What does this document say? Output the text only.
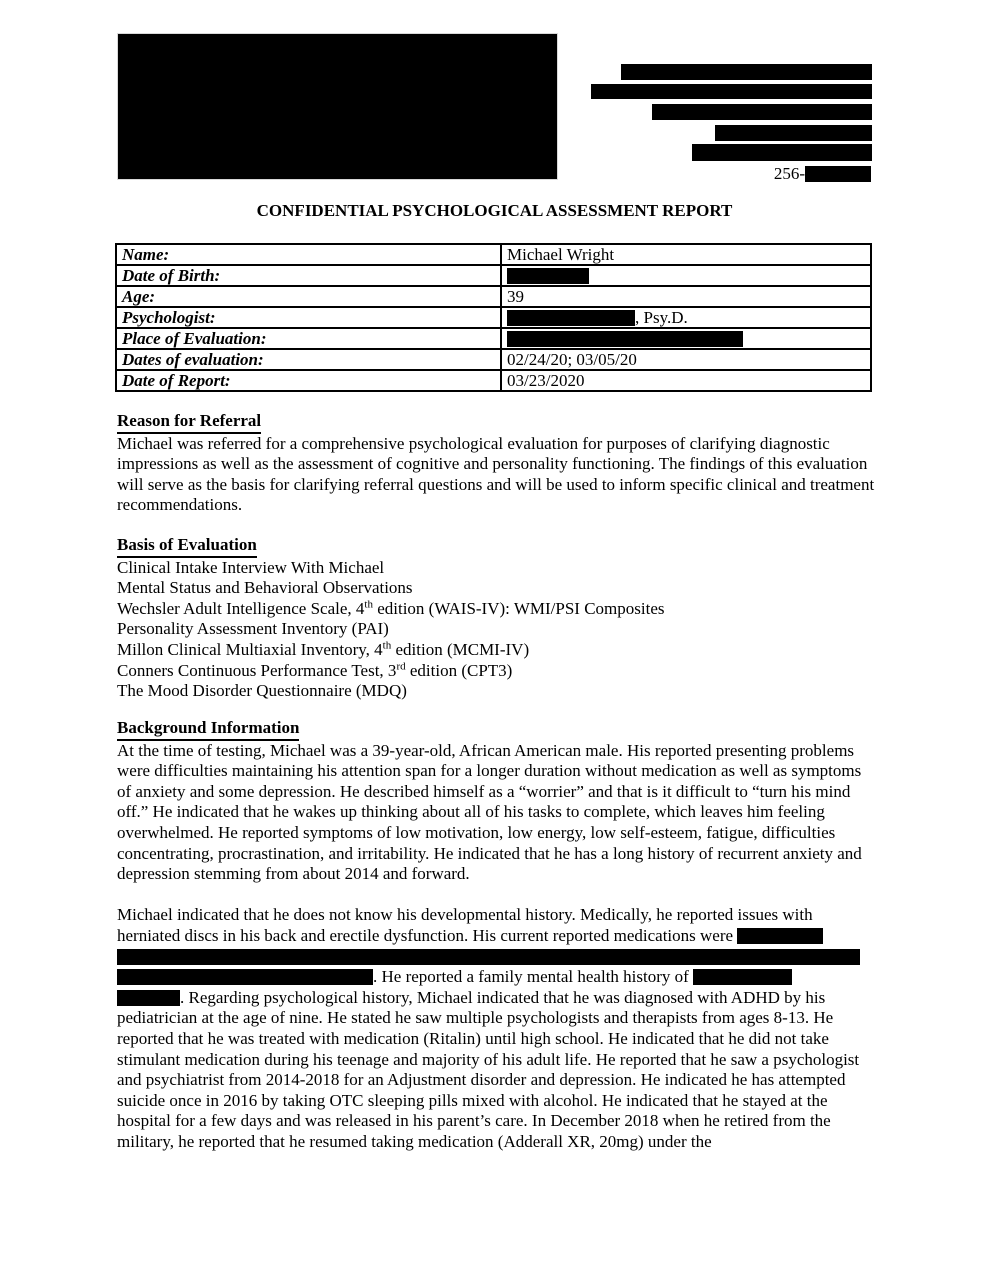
256-
CONFIDENTIAL PSYCHOLOGICAL ASSESSMENT REPORT
Name:	Michael Wright
Date of Birth:	
Age:	39
Psychologist:	, Psy.D.
Place of Evaluation:	
Dates of evaluation:	02/24/20; 03/05/20
Date of Report:	03/23/2020
Reason for Referral
Michael was referred for a comprehensive psychological evaluation for purposes of clarifying diagnostic impressions as well as the assessment of cognitive and personality functioning. The findings of this evaluation will serve as the basis for clarifying referral questions and will be used to inform specific clinical and treatment recommendations.
Basis of Evaluation
Clinical Intake Interview With Michael
Mental Status and Behavioral Observations
Wechsler Adult Intelligence Scale, 4th edition (WAIS-IV): WMI/PSI Composites
Personality Assessment Inventory (PAI)
Millon Clinical Multiaxial Inventory, 4th edition (MCMI-IV)
Conners Continuous Performance Test, 3rd edition (CPT3)
The Mood Disorder Questionnaire (MDQ)
Background Information
At the time of testing, Michael was a 39-year-old, African American male. His reported presenting problems were difficulties maintaining his attention span for a longer duration without medication as well as symptoms of anxiety and some depression. He described himself as a “worrier” and that is it difficult to “turn his mind off.” He indicated that he wakes up thinking about all of his tasks to complete, which leaves him feeling overwhelmed. He reported symptoms of low motivation, low energy, low self-esteem, fatigue, difficulties concentrating, procrastination, and irritability. He indicated that he has a long history of recurrent anxiety and depression stemming from about 2014 and forward.
Michael indicated that he does not know his developmental history. Medically, he reported issues with herniated discs in his back and erectile dysfunction. His current reported medications were

. He reported a family mental health history of
. Regarding psychological history, Michael indicated that he was diagnosed with ADHD by his pediatrician at the age of nine. He stated he saw multiple psychologists and therapists from ages 8-13. He reported that he was treated with medication (Ritalin) until high school. He indicated that he did not take stimulant medication during his teenage and majority of his adult life. He reported that he saw a psychologist and psychiatrist from 2014-2018 for an Adjustment disorder and depression. He indicated he has attempted suicide once in 2016 by taking OTC sleeping pills mixed with alcohol. He indicated that he stayed at the hospital for a few days and was released in his parent’s care. In December 2018 when he retired from the military, he reported that he resumed taking medication (Adderall XR, 20mg) under the
